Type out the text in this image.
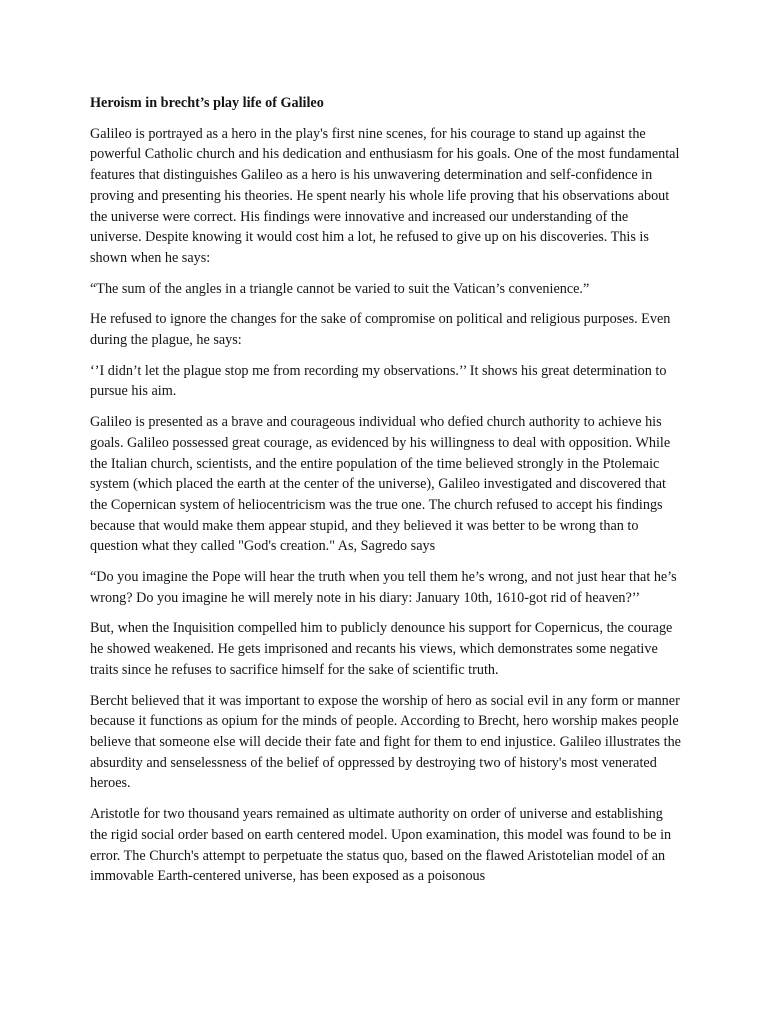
Heroism in brecht’s play life of Galileo

Galileo is portrayed as a hero in the play's first nine scenes, for his courage to stand up against the powerful Catholic church and his dedication and enthusiasm for his goals. One of the most fundamental features that distinguishes Galileo as a hero is his unwavering determination and self-confidence in proving and presenting his theories. He spent nearly his whole life proving that his observations about the universe were correct. His findings were innovative and increased our understanding of the universe. Despite knowing it would cost him a lot, he refused to give up on his discoveries. This is shown when he says:

“The sum of the angles in a triangle cannot be varied to suit the Vatican’s convenience.”

He refused to ignore the changes for the sake of compromise on political and religious purposes. Even during the plague, he says:

‘’I didn’t let the plague stop me from recording my observations.’’ It shows his great determination to pursue his aim.

Galileo is presented as a brave and courageous individual who defied church authority to achieve his goals. Galileo possessed great courage, as evidenced by his willingness to deal with opposition. While the Italian church, scientists, and the entire population of the time believed strongly in the Ptolemaic system (which placed the earth at the center of the universe), Galileo investigated and discovered that the Copernican system of heliocentricism was the true one. The church refused to accept his findings because that would make them appear stupid, and they believed it was better to be wrong than to question what they called "God's creation." As, Sagredo says

“Do you imagine the Pope will hear the truth when you tell them he’s wrong, and not just hear that he’s wrong? Do you imagine he will merely note in his diary: January 10th, 1610-got rid of heaven?’’

But, when the Inquisition compelled him to publicly denounce his support for Copernicus, the courage he showed weakened. He gets imprisoned and recants his views, which demonstrates some negative traits since he refuses to sacrifice himself for the sake of scientific truth.

Bercht believed that it was important to expose the worship of hero as social evil in any form or manner because it functions as opium for the minds of people. According to Brecht, hero worship makes people believe that someone else will decide their fate and fight for them to end injustice. Galileo illustrates the absurdity and senselessness of the belief of oppressed by destroying two of history's most venerated heroes.

Aristotle for two thousand years remained as ultimate authority on order of universe and establishing the rigid social order based on earth centered model. Upon examination, this model was found to be in error. The Church's attempt to perpetuate the status quo, based on the flawed Aristotelian model of an immovable Earth-centered universe, has been exposed as a poisonous
